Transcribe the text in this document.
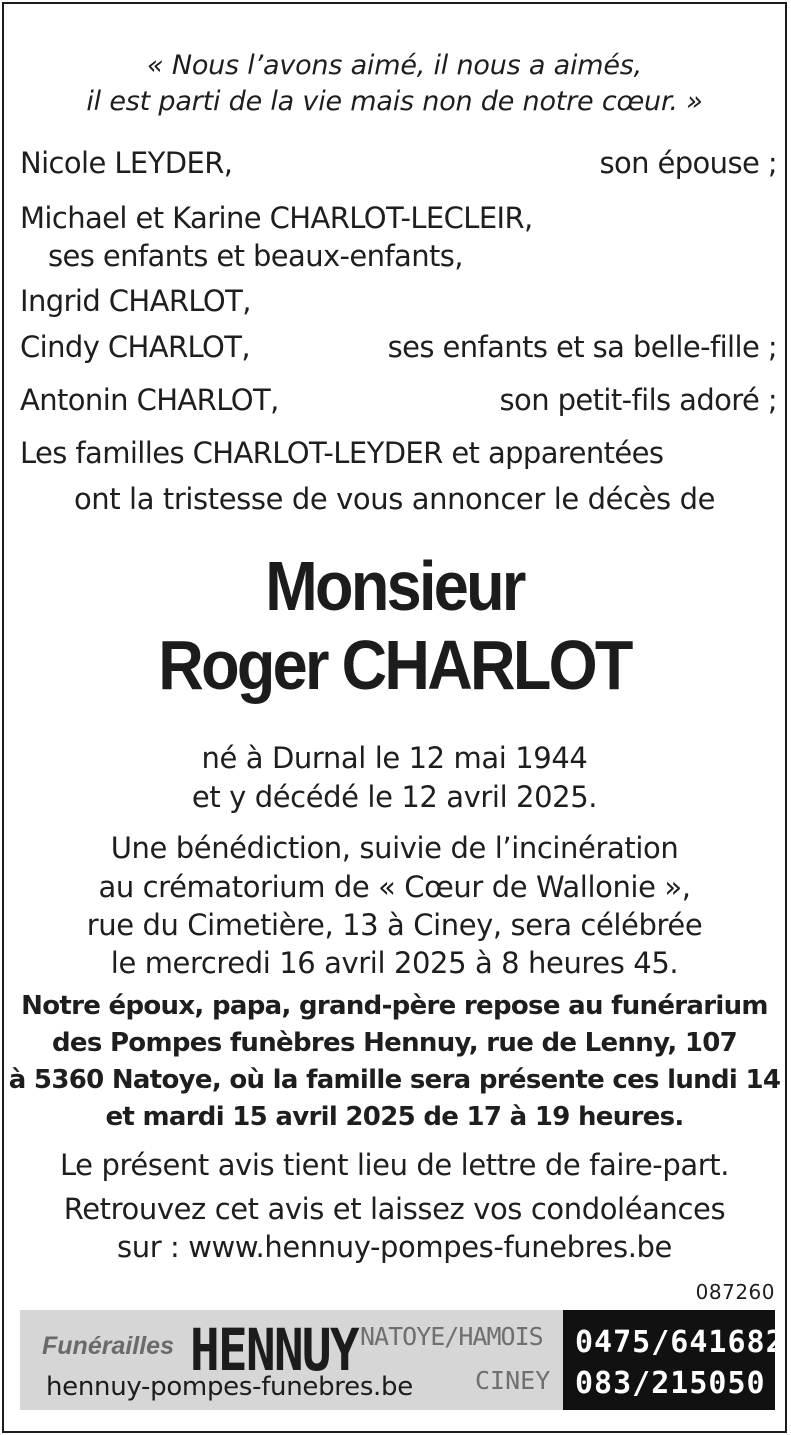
« Nous l’avons aimé, il nous a aimés,
il est parti de la vie mais non de notre cœur. »
Nicole LEYDER,	son épouse ;
Michael et Karine CHARLOT-LECLEIR,
ses enfants et beaux-enfants,
Ingrid CHARLOT,
Cindy CHARLOT,	ses enfants et sa belle-fille ;
Antonin CHARLOT,	son petit-fils adoré ;
Les familles CHARLOT-LEYDER et apparentées
ont la tristesse de vous annoncer le décès de
Monsieur
Roger CHARLOT
né à Durnal le 12 mai 1944
et y décédé le 12 avril 2025.
Une bénédiction, suivie de l’incinération
au crématorium de « Cœur de Wallonie »,
rue du Cimetière, 13 à Ciney, sera célébrée
le mercredi 16 avril 2025 à 8 heures 45.
Notre époux, papa, grand-père repose au funérarium
des Pompes funèbres Hennuy, rue de Lenny, 107
à 5360 Natoye, où la famille sera présente ces lundi 14
et mardi 15 avril 2025 de 17 à 19 heures.
Le présent avis tient lieu de lettre de faire-part.
Retrouvez cet avis et laissez vos condoléances
sur : www.hennuy-pompes-funebres.be
087260
Funérailles HENNUY NATOYE/HAMOIS
CINEY
hennuy-pompes-funebres.be
0475/641682
083/215050
